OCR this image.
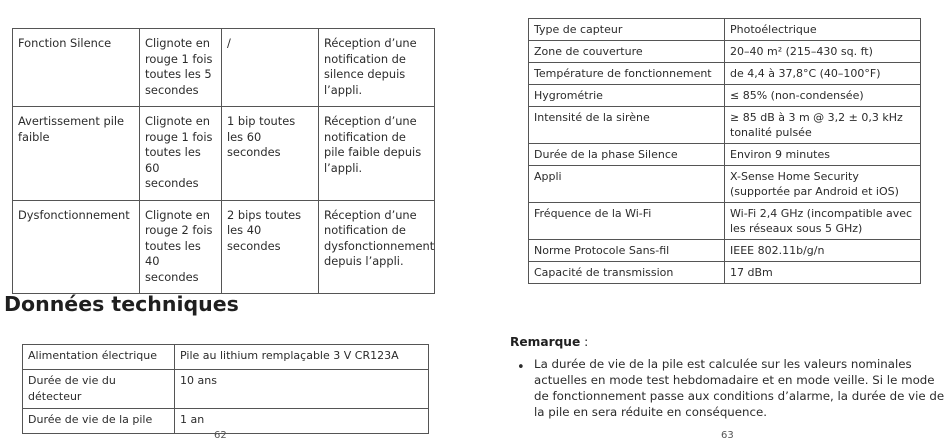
Fonction Silence	Clignote en rouge 1 fois toutes les 5 secondes	/	Réception d’une notification de silence depuis l’appli.
Avertissement pile faible	Clignote en rouge 1 fois toutes les 60 secondes	1 bip toutes les 60 secondes	Réception d’une notification de pile faible depuis l’appli.
Dysfonctionnement	Clignote en rouge 2 fois toutes les 40 secondes	2 bips toutes les 40 secondes	Réception d’une notification de dysfonctionnement depuis l’appli.
Données techniques
Alimentation électrique	Pile au lithium remplaçable 3 V CR123A
Durée de vie du détecteur	10 ans
Durée de vie de la pile	1 an
62
Type de capteur	Photoélectrique
Zone de couverture	20–40 m² (215–430 sq. ft)
Température de fonctionnement	de 4,4 à 37,8°C (40–100°F)
Hygrométrie	≤ 85% (non-condensée)
Intensité de la sirène	≥ 85 dB à 3 m @ 3,2 ± 0,3 kHz tonalité pulsée
Durée de la phase Silence	Environ 9 minutes
Appli	X-Sense Home Security (supportée par Android et iOS)
Fréquence de la Wi-Fi	Wi-Fi 2,4 GHz (incompatible avec les réseaux sous 5 GHz)
Norme Protocole Sans-fil	IEEE 802.11b/g/n
Capacité de transmission	17 dBm

Remarque :

• La durée de vie de la pile est calculée sur les valeurs nominales actuelles en mode test hebdomadaire et en mode veille. Si le mode de fonctionnement passe aux conditions d’alarme, la durée de vie de la pile en sera réduite en conséquence.
63
